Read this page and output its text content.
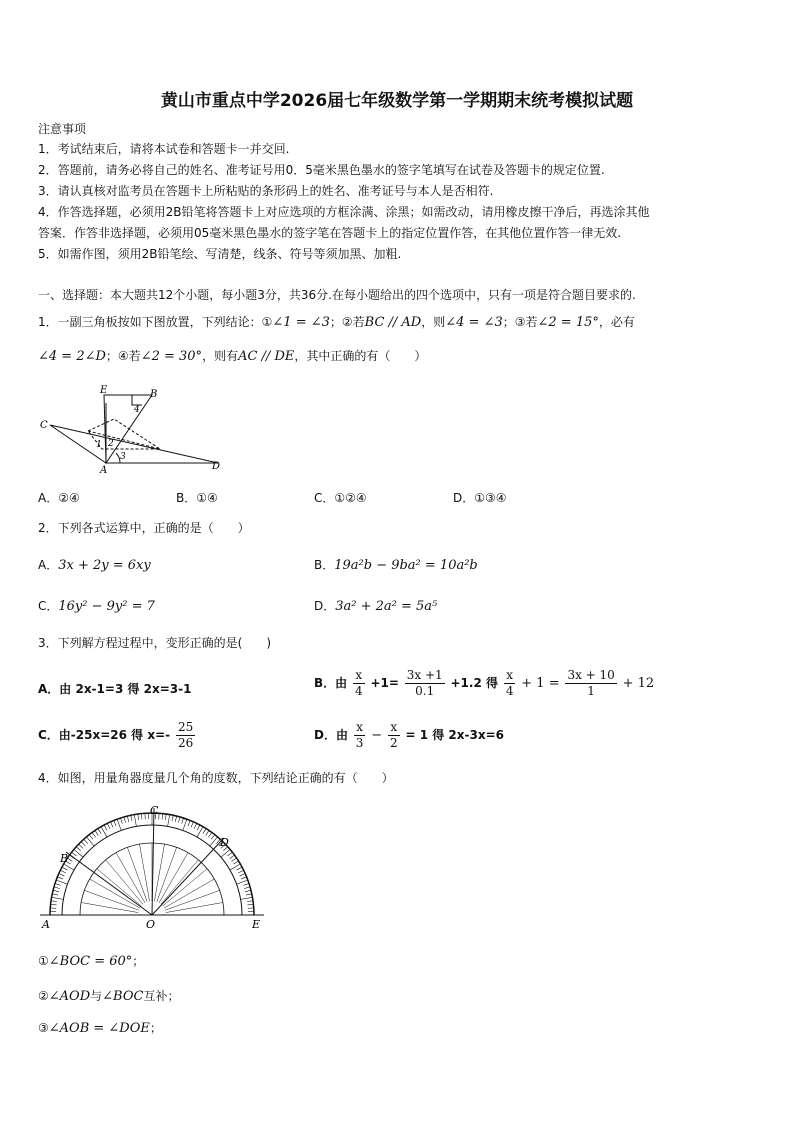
黄山市重点中学2026届七年级数学第一学期期末统考模拟试题
注意事项
1．考试结束后，请将本试卷和答题卡一并交回.
2．答题前，请务必将自己的姓名、准考证号用0．5毫米黑色墨水的签字笔填写在试卷及答题卡的规定位置.
3．请认真核对监考员在答题卡上所粘贴的条形码上的姓名、准考证号与本人是否相符.
4．作答选择题，必须用2B铅笔将答题卡上对应选项的方框涂满、涂黑；如需改动，请用橡皮擦干净后，再选涂其他
答案．作答非选择题，必须用05毫米黑色墨水的签字笔在答题卡上的指定位置作答，在其他位置作答一律无效.
5．如需作图，须用2B铅笔绘、写清楚，线条、符号等须加黑、加粗.
一、选择题：本大题共12个小题，每小题3分，共36分.在每小题给出的四个选项中，只有一项是符合题目要求的.
1．一副三角板按如下图放置，下列结论：①∠1 = ∠3；②若BC // AD，则∠4 = ∠3；③若∠2 = 15°，必有
∠4 = 2∠D；④若∠2 = 30°，则有AC // DE，其中正确的有（　　）
E	B
4
C
1 2
3
A	D
A．②④	B．①④	C．①②④	D．①③④
2．下列各式运算中，正确的是（　　）
A．3x + 2y = 6xy	B．19a²b − 9ba² = 10a²b
C．16y² − 9y² = 7	D．3a² + 2a² = 5a⁵
3．下列解方程过程中，变形正确的是(　　)
A．由 2x-1=3 得 2x=3-1	B．由 $\frac{x}{4} +1= \frac{3x +1}{0.1} +1.2$ 得 $\frac{x}{4} + 1 = \frac{3x + 10}{1} + 12$
C．由-25x=26 得 $x=- \frac{25}{26}$	D．由 $\frac{x}{3} - \frac{x}{2} = 1$ 得 2x-3x=6
4．如图，用量角器度量几个角的度数，下列结论正确的有（　　）
C
D
B
A	O	E
①∠BOC = 60°；
②∠AOD与∠BOC互补；
③∠AOB = ∠DOE；
